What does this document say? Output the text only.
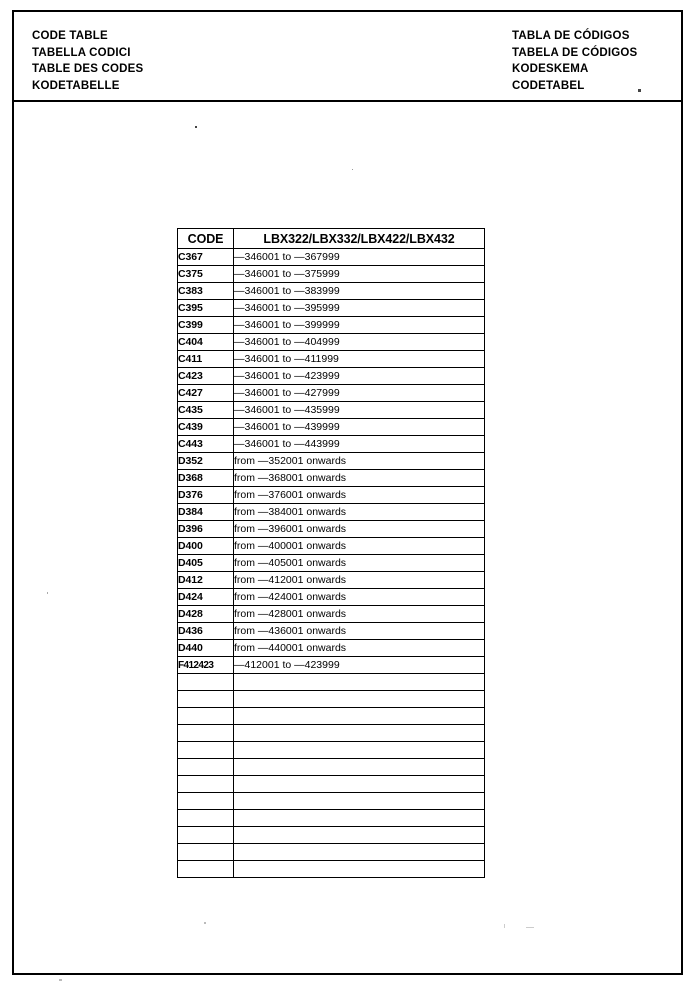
CODE TABLE
TABELLA CODICI
TABLE DES CODES
KODETABELLE
TABLA DE CÓDIGOS
TABELA DE CÓDIGOS
KODESKEMA
CODETABEL
CODE	LBX322/LBX332/LBX422/LBX432
C367	—346001 to —367999
C375	—346001 to —375999
C383	—346001 to —383999
C395	—346001 to —395999
C399	—346001 to —399999
C404	—346001 to —404999
C411	—346001 to —411999
C423	—346001 to —423999
C427	—346001 to —427999
C435	—346001 to —435999
C439	—346001 to —439999
C443	—346001 to —443999
D352	from —352001 onwards
D368	from —368001 onwards
D376	from —376001 onwards
D384	from —384001 onwards
D396	from —396001 onwards
D400	from —400001 onwards
D405	from —405001 onwards
D412	from —412001 onwards
D424	from —424001 onwards
D428	from —428001 onwards
D436	from —436001 onwards
D440	from —440001 onwards
F412423	—412001 to —423999
